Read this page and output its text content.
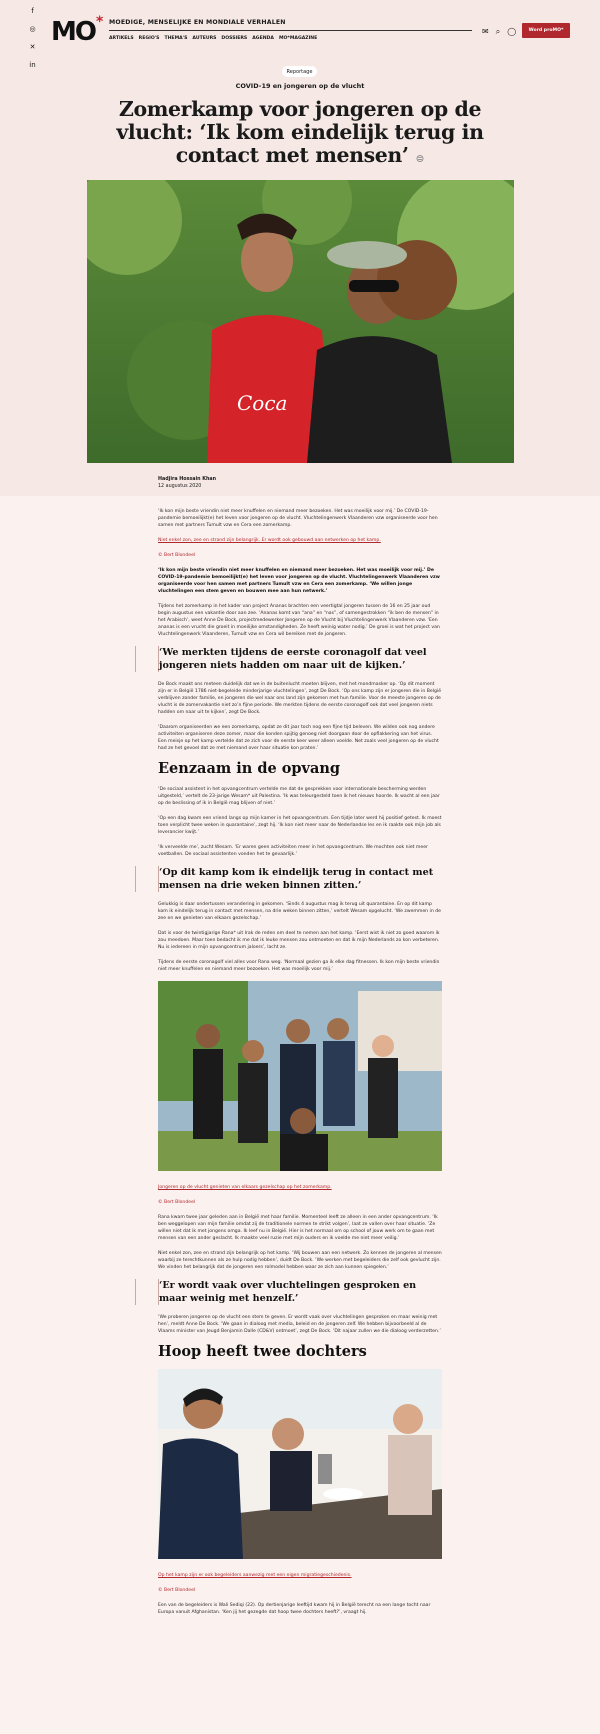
f
◎
✕
in
MO* MOEDIGE, MENSELIJKE EN MONDIALE VERHALEN
ARTIKELS REGIO'S THEMA'S AUTEURS DOSSIERS AGENDA MO*MAGAZINE
✉ ⌕ ◯	Word proMO*
Reportage
COVID-19 en jongeren op de vlucht
Zomerkamp voor jongeren op de vlucht: ‘Ik kom eindelijk terug in contact met mensen’ ⊜
Coca
Hadjira Hossain Khan
12 augustus 2020

‘Ik kon mijn beste vriendin niet meer knuffelen en niemand meer bezoeken. Het was moeilijk voor mij.’ De COVID-19-pandemie bemoeilijkt(e) het leven voor jongeren op de vlucht. Vluchtelingenwerk Vlaanderen vzw organiseerde voor hen samen met partners Tumult vzw en Cera een zomerkamp.

Niet enkel zon, zee en strand zijn belangrijk. Er wordt ook gebouwd aan netwerken op het kamp.

© Bert Blondeel

‘Ik kon mijn beste vriendin niet meer knuffelen en niemand meer bezoeken. Het was moeilijk voor mij.’ De COVID-19-pandemie bemoeilijkt(e) het leven voor jongeren op de vlucht. Vluchtelingenwerk Vlaanderen vzw organiseerde voor hen samen met partners Tumult vzw en Cera een zomerkamp. ‘We willen jonge vluchtelingen een stem geven en bouwen mee aan hun netwerk.’

Tijdens het zomerkamp in het kader van project Ananas brachten een veertigtal jongeren tussen de 16 en 25 jaar oud begin augustus een vakantie door aan zee. ‘Ananas komt van “ana” en “nas”, of samengestrokken “ik ben de mensen” in het Arabisch’, weet Anne De Bock, projectmedewerker Jongeren op de Vlucht bij Vluchtelingenwerk Vlaanderen vzw. ‘Een ananas is een vrucht die groeit in moeilijke omstandigheden. Ze heeft weinig water nodig.’ De groei is wat het project van Vluchtelingenwerk Vlaanderen, Tumult vzw en Cera wil bereiken met de jongeren.

‘We merkten tijdens de eerste coronagolf dat veel jongeren niets hadden om naar uit de kijken.’

De Bock maakt ons meteen duidelijk dat we in de buitenlucht moeten blijven, met het mondmasker op. ‘Op dit moment zijn er in België 1786 niet-begeleide minderjarige vluchtelingen’, zegt De Bock. ‘Op ons kamp zijn er jongeren die in België verblijven zonder familie, en jongeren die wel naar ons land zijn gekomen met hun familie. Voor de meeste jongeren op de vlucht is de zomervakantie niet zo’n fijne periode. We merkten tijdens de eerste coronagolf ook dat veel jongeren niets hadden om naar uit te kijken’, zegt De Bock.

‘Daarom organiseerden we een zomerkamp, opdat ze dit jaar toch nog een fijne tijd beleven. We wilden ook nog andere activiteiten organiseren deze zomer, maar die konden spijtig genoeg niet doorgaan door de opflakkering van het virus. Een meisje op het kamp vertelde dat ze zich voor de eerste keer weer alleen voelde. Net zoals veel jongeren op de vlucht had ze het gevoel dat ze met niemand over haar situatie kon praten.’

Eenzaam in de opvang

‘De sociaal assistent in het opvangcentrum vertelde me dat de gesprekken voor internationale bescherming werden uitgesteld,’ vertelt de 23-jarige Wesam* uit Palestina. ‘Ik was teleurgesteld toen ik het nieuws hoorde. Ik wacht al een jaar op de beslissing of ik in België mag blijven of niet.’

‘Op een dag kwam een vriend langs op mijn kamer in het opvangcentrum. Een tijdje later werd hij positief getest. Ik moest toen verplicht twee weken in quarantaine’, zegt hij. ‘Ik kon niet meer naar de Nederlandse les en ik raakte ook mijn job als leverancier kwijt.’

‘Ik verveelde me’, zucht Wesam. ‘Er waren geen activiteiten meer in het opvangcentrum. We mochten ook niet meer voetballen. De sociaal assistenten vonden het te gevaarlijk.’

‘Op dit kamp kom ik eindelijk terug in contact met mensen na drie weken binnen zitten.’

Gelukkig is daar ondertussen verandering in gekomen. ‘Sinds 4 augustus mag ik terug uit quarantaine. En op dit kamp kom ik eindelijk terug in contact met mensen, na drie weken binnen zitten,’ vertelt Wesam opgelucht. ‘We zwemmen in de zee en we genieten van elkaars gezelschap.’

Dat is voor de twintigjarige Rana* uit Irak de reden om deel te nemen aan het kamp. ‘Eerst wist ik niet zo goed waarom ik zou meedoen. Maar toen bedacht ik me dat ik leuke mensen zou ontmoeten en dat ik mijn Nederlands zo kon verbeteren. Nu is iedereen in mijn opvangcentrum jaloers’, lacht ze.

Tijdens de eerste coronagolf viel alles voor Rana weg. ‘Normaal gezien ga ik elke dag fitnessen. Ik kon mijn beste vriendin niet meer knuffelen en niemand meer bezoeken. Het was moeilijk voor mij.’

Jongeren op de vlucht genieten van elkaars gezelschap op het zomerkamp.

© Bert Blondeel

Rana kwam twee jaar geleden aan in België met haar familie. Momenteel leeft ze alleen in een ander opvangcentrum. ‘Ik ben weggelopen van mijn familie omdat zij de traditionele normen te strikt volgen’, laat ze vallen over haar situatie. ‘Ze willen niet dat ik met jongens omga. Ik leef nu in België. Hier is het normaal om op school of jouw werk om te gaan met mensen van een ander geslacht. Ik maakte veel ruzie met mijn ouders en ik voelde me niet meer veilig.’

Niet enkel zon, zee en strand zijn belangrijk op het kamp. ‘Wij bouwen aan een netwerk. Zo kennen de jongeren al mensen waarbij ze terechtkunnen als ze hulp nodig hebben’, duidt De Bock. ‘We werken met begeleiders die zelf ook gevlucht zijn. We vinden het belangrijk dat de jongeren een rolmodel hebben waar ze zich aan kunnen spiegelen.’

‘Er wordt vaak over vluchtelingen gesproken en maar weinig met henzelf.’

‘We proberen jongeren op de vlucht een stem te geven. Er wordt vaak over vluchtelingen gesproken en maar weinig met hen’, meldt Anne De Bock. ‘We gaan in dialoog met media, beleid en de jongeren zelf. We hebben bijvoorbeeld al de Vlaams minister van Jeugd Benjamin Dalle (CD&V) ontmoet’, zegt De Bock. ‘Dit najaar zullen we die dialoog verderzetten.’

Hoop heeft twee dochters

Op het kamp zijn er ook begeleiders aanwezig met een eigen migratiegeschiedenis.

© Bert Blondeel

Een van de begeleiders is Wali Sediqi (22). Op dertienjarige leeftijd kwam hij in België terecht na een lange tocht naar Europa vanuit Afghanistan. ‘Ken jij het gezegde dat hoop twee dochters heeft?’, vraagt hij.
